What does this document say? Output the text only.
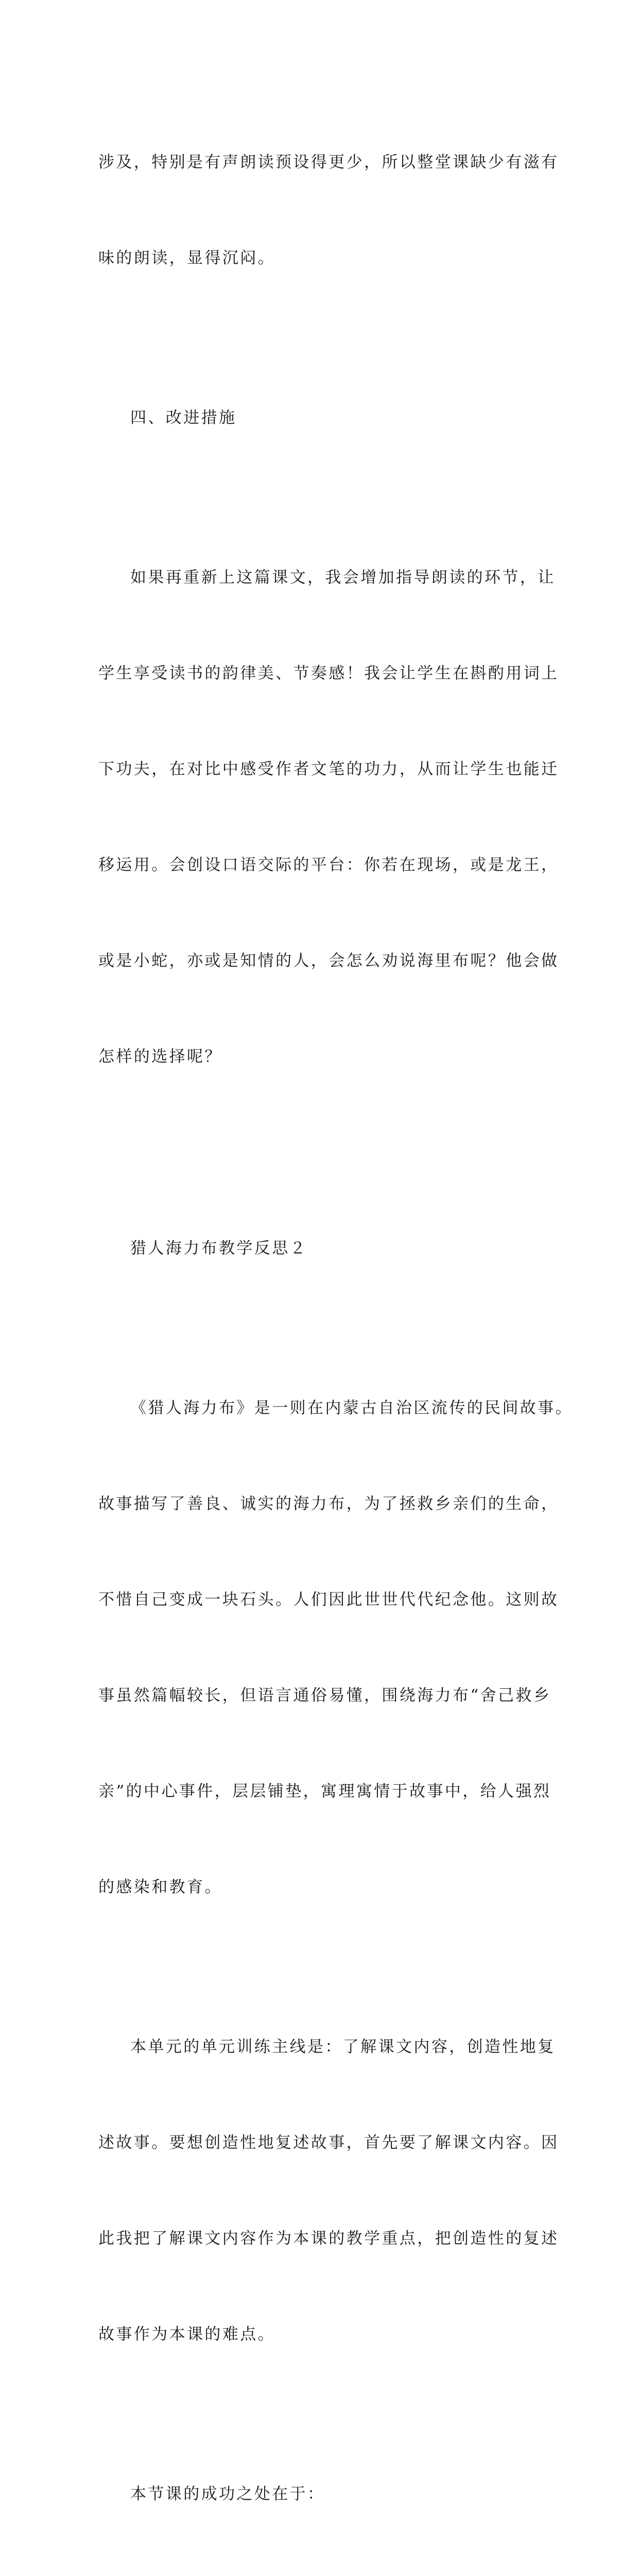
涉及，特别是有声朗读预设得更少，所以整堂课缺少有滋有

味的朗读，显得沉闷。

四、改进措施

如果再重新上这篇课文，我会增加指导朗读的环节，让

学生享受读书的韵律美、节奏感！我会让学生在斟酌用词上

下功夫，在对比中感受作者文笔的功力，从而让学生也能迁

移运用。会创设口语交际的平台：你若在现场，或是龙王，

或是小蛇，亦或是知情的人，会怎么劝说海里布呢？他会做

怎样的选择呢？

猎人海力布教学反思２

《猎人海力布》是一则在内蒙古自治区流传的民间故事。

故事描写了善良、诚实的海力布，为了拯救乡亲们的生命，

不惜自己变成一块石头。人们因此世世代代纪念他。这则故

事虽然篇幅较长，但语言通俗易懂，围绕海力布“舍己救乡

亲”的中心事件，层层铺垫，寓理寓情于故事中，给人强烈

的感染和教育。

本单元的单元训练主线是：了解课文内容，创造性地复

述故事。要想创造性地复述故事，首先要了解课文内容。因

此我把了解课文内容作为本课的教学重点，把创造性的复述

故事作为本课的难点。

本节课的成功之处在于：
